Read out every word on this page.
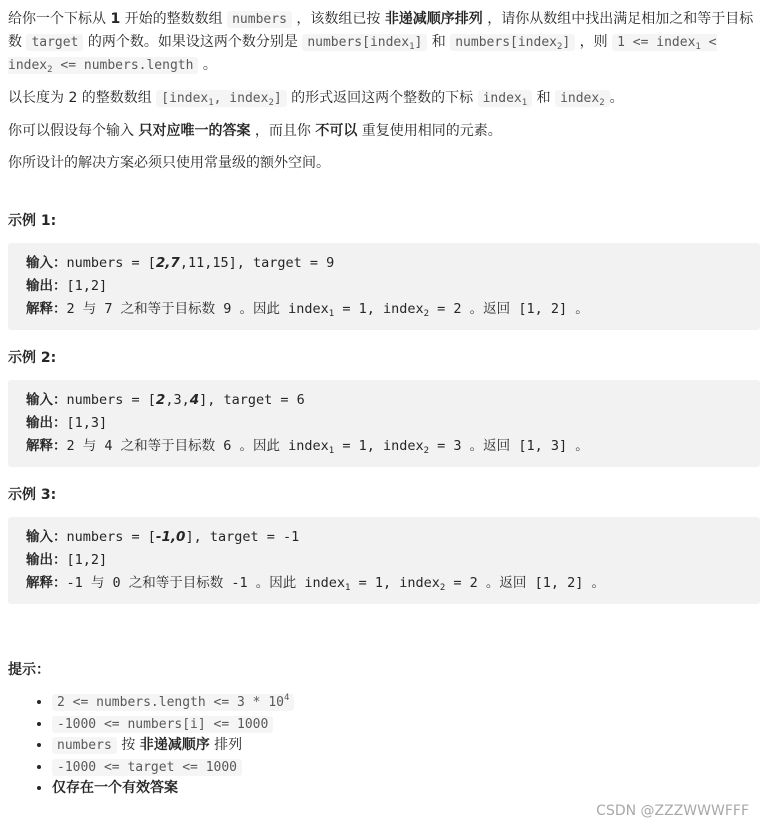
给你一个下标从 1 开始的整数数组 numbers ，该数组已按 非递减顺序排列 ，请你从数组中找出满足相加之和等于目标数 target 的两个数。如果设这两个数分别是 numbers[index$_1$] 和 numbers[index$_2$] ，则 1 <= index$_1$ < index$_2$ <= numbers.length 。

以长度为 2 的整数数组 [index$_1$, index$_2$] 的形式返回这两个整数的下标 index$_1$ 和 index$_2$ 。

你可以假设每个输入 只对应唯一的答案 ，而且你 不可以 重复使用相同的元素。

你所设计的解决方案必须只使用常量级的额外空间。

示例 1:

输入：numbers = [2,7,11,15], target = 9
输出：[1,2]
解释：2 与 7 之和等于目标数 9 。因此 index$_1$ = 1, index$_2$ = 2 。返回 [1, 2] 。

示例 2:

输入：numbers = [2,3,4], target = 6
输出：[1,3]
解释：2 与 4 之和等于目标数 6 。因此 index$_1$ = 1, index$_2$ = 3 。返回 [1, 3] 。

示例 3:

输入：numbers = [-1,0], target = -1
输出：[1,2]
解释：-1 与 0 之和等于目标数 -1 。因此 index$_1$ = 1, index$_2$ = 2 。返回 [1, 2] 。

提示：

• 2 <= numbers.length <= $3 * 10^4$
• -1000 <= numbers[i] <= 1000
• numbers 按 非递减顺序 排列
• -1000 <= target <= 1000
• 仅存在一个有效答案
CSDN @ZZZWWWFFF
